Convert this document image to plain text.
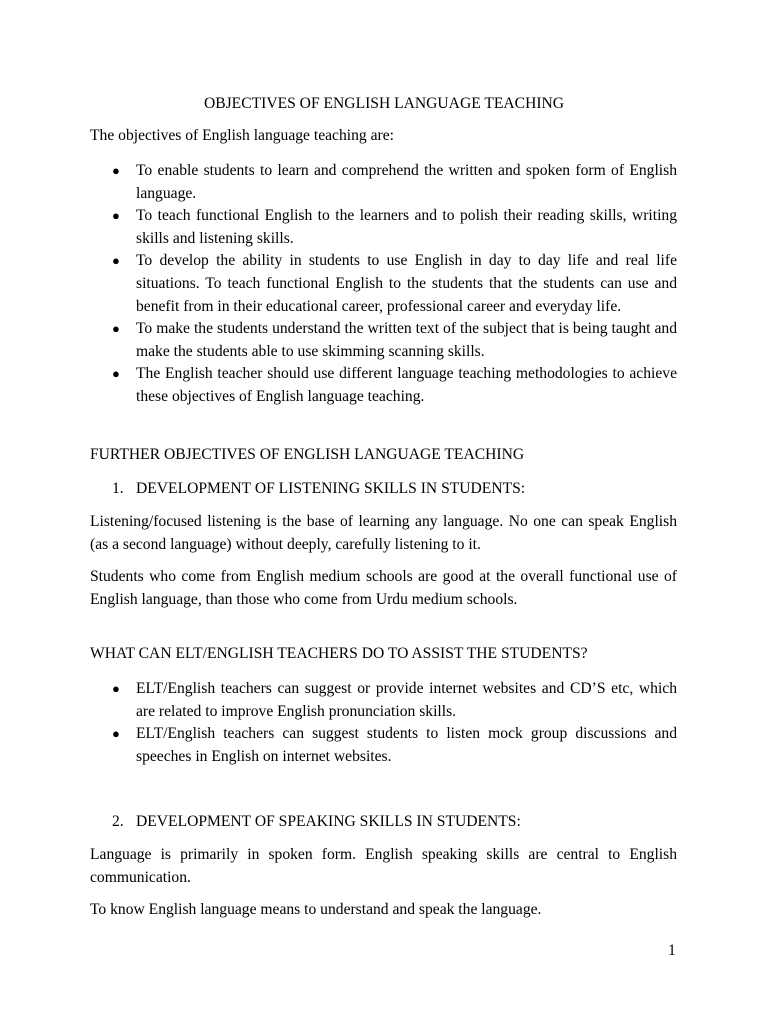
OBJECTIVES OF ENGLISH LANGUAGE TEACHING

The objectives of English language teaching are:

● To enable students to learn and comprehend the written and spoken form of English language.
● To teach functional English to the learners and to polish their reading skills, writing skills and listening skills.
● To develop the ability in students to use English in day to day life and real life situations. To teach functional English to the students that the students can use and benefit from in their educational career, professional career and everyday life.
● To make the students understand the written text of the subject that is being taught and make the students able to use skimming scanning skills.
● The English teacher should use different language teaching methodologies to achieve these objectives of English language teaching.

FURTHER OBJECTIVES OF ENGLISH LANGUAGE TEACHING

1. DEVELOPMENT OF LISTENING SKILLS IN STUDENTS:

Listening/focused listening is the base of learning any language. No one can speak English (as a second language) without deeply, carefully listening to it.

Students who come from English medium schools are good at the overall functional use of English language, than those who come from Urdu medium schools.

WHAT CAN ELT/ENGLISH TEACHERS DO TO ASSIST THE STUDENTS?

● ELT/English teachers can suggest or provide internet websites and CD’S etc, which are related to improve English pronunciation skills.
● ELT/English teachers can suggest students to listen mock group discussions and speeches in English on internet websites.

2. DEVELOPMENT OF SPEAKING SKILLS IN STUDENTS:

Language is primarily in spoken form. English speaking skills are central to English communication.

To know English language means to understand and speak the language.

1
